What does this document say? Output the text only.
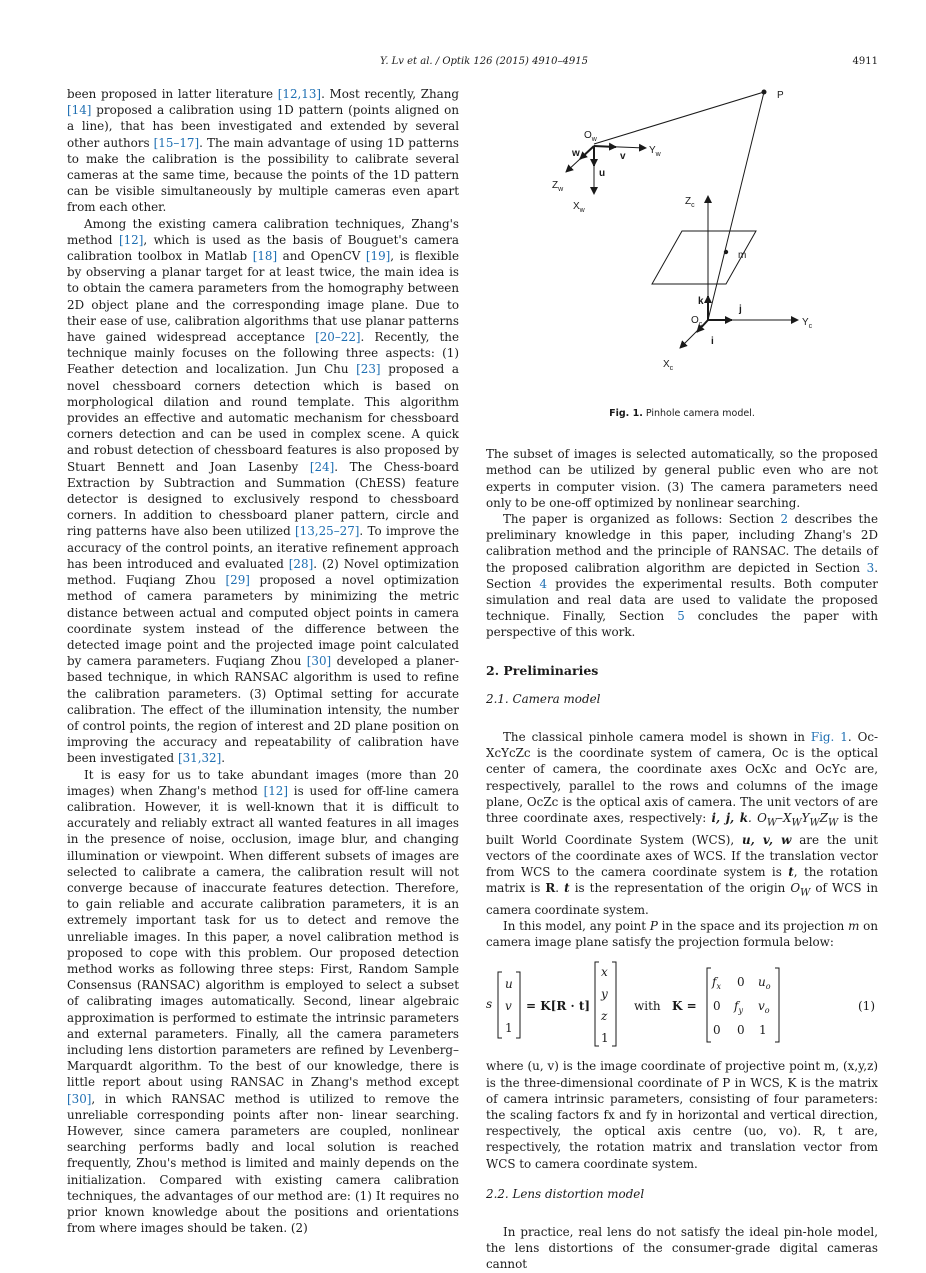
Y. Lv et al. / Optik 126 (2015) 4910–4915	4911

been proposed in latter literature [12,13]. Most recently, Zhang [14] proposed a calibration using 1D pattern (points aligned on a line), that has been investigated and extended by several other authors [15–17]. The main advantage of using 1D patterns to make the calibration is the possibility to calibrate several cameras at the same time, because the points of the 1D pattern can be visible simultaneously by multiple cameras even apart from each other.

Among the existing camera calibration techniques, Zhang's method [12], which is used as the basis of Bouguet's camera calibration toolbox in Matlab [18] and OpenCV [19], is flexible by observing a planar target for at least twice, the main idea is to obtain the camera parameters from the homography between 2D object plane and the corresponding image plane. Due to their ease of use, calibration algorithms that use planar patterns have gained widespread acceptance [20–22]. Recently, the technique mainly focuses on the following three aspects: (1) Feather detection and localization. Jun Chu [23] proposed a novel chessboard corners detection which is based on morphological dilation and round template. This algorithm provides an effective and automatic mechanism for chessboard corners detection and can be used in complex scene. A quick and robust detection of chessboard features is also proposed by Stuart Bennett and Joan Lasenby [24]. The Chess-board Extraction by Subtraction and Summation (ChESS) feature detector is designed to exclusively respond to chessboard corners. In addition to chessboard planer pattern, circle and ring patterns have also been utilized [13,25–27]. To improve the accuracy of the control points, an iterative refinement approach has been introduced and evaluated [28]. (2) Novel optimization method. Fuqiang Zhou [29] proposed a novel optimization method of camera parameters by minimizing the metric distance between actual and computed object points in camera coordinate system instead of the difference between the detected image point and the projected image point calculated by camera parameters. Fuqiang Zhou [30] developed a planer-based technique, in which RANSAC algorithm is used to refine the calibration parameters. (3) Optimal setting for accurate calibration. The effect of the illumination intensity, the number of control points, the region of interest and 2D plane position on improving the accuracy and repeatability of calibration have been investigated [31,32].

It is easy for us to take abundant images (more than 20 images) when Zhang's method [12] is used for off-line camera calibration. However, it is well-known that it is difficult to accurately and reliably extract all wanted features in all images in the presence of noise, occlusion, image blur, and changing illumination or viewpoint. When different subsets of images are selected to calibrate a camera, the calibration result will not converge because of inaccurate features detection. Therefore, to gain reliable and accurate calibration parameters, it is an extremely important task for us to detect and remove the unreliable images. In this paper, a novel calibration method is proposed to cope with this problem. Our proposed detection method works as following three steps: First, Random Sample Consensus (RANSAC) algorithm is employed to select a subset of calibrating images automatically. Second, linear algebraic approximation is performed to estimate the intrinsic parameters and external parameters. Finally, all the camera parameters including lens distortion parameters are refined by Levenberg–Marquardt algorithm. To the best of our knowledge, there is little report about using RANSAC in Zhang's method except [30], in which RANSAC method is utilized to remove the unreliable corresponding points after non- linear searching. However, since camera parameters are coupled, nonlinear searching performs badly and local solution is reached frequently, Zhou's method is limited and mainly depends on the initialization. Compared with existing camera calibration techniques, the advantages of our method are: (1) It requires no prior known knowledge about the positions and orientations from where images should be taken. (2)

P
$O_w$
w	v
$Y_w$
u
$Z_w$
$X_w$
m
$Z_c$
k
j
$O_c$	$Y_c$
i
$X_c$
Fig. 1. Pinhole camera model.

The subset of images is selected automatically, so the proposed method can be utilized by general public even who are not experts in computer vision. (3) The camera parameters need only to be one-off optimized by nonlinear searching.

The paper is organized as follows: Section 2 describes the preliminary knowledge in this paper, including Zhang's 2D calibration method and the principle of RANSAC. The details of the proposed calibration algorithm are depicted in Section 3. Section 4 provides the experimental results. Both computer simulation and real data are used to validate the proposed technique. Finally, Section 5 concludes the paper with perspective of this work.

2. Preliminaries
2.1. Camera model

The classical pinhole camera model is shown in Fig. 1. Oc-XcYcZc is the coordinate system of camera, Oc is the optical center of camera, the coordinate axes OcXc and OcYc are, respectively, parallel to the rows and columns of the image plane, OcZc is the optical axis of camera. The unit vectors of are three coordinate axes, respectively: i, j, k. $O_W-X_WY_WZ_W$ is the built World Coordinate System (WCS), u, v, w are the unit vectors of the coordinate axes of WCS. If the translation vector from WCS to the camera coordinate system is t, the rotation matrix is R. t is the representation of the origin $O_W$ of WCS in camera coordinate system.

In this model, any point P in the space and its projection m on camera image plane satisfy the projection formula below:

s
u
v
1
= K[R · t]
x
y
z
1
with K =
$f_x$ 0 $u_o$
0 $f_y$ $v_o$
0 0 1
(1)

where (u, v) is the image coordinate of projective point m, (x,y,z) is the three-dimensional coordinate of P in WCS, K is the matrix of camera intrinsic parameters, consisting of four parameters: the scaling factors fx and fy in horizontal and vertical direction, respectively, the optical axis centre (uo, vo). R, t are, respectively, the rotation matrix and translation vector from WCS to camera coordinate system.

2.2. Lens distortion model

In practice, real lens do not satisfy the ideal pin-hole model, the lens distortions of the consumer-grade digital cameras cannot
